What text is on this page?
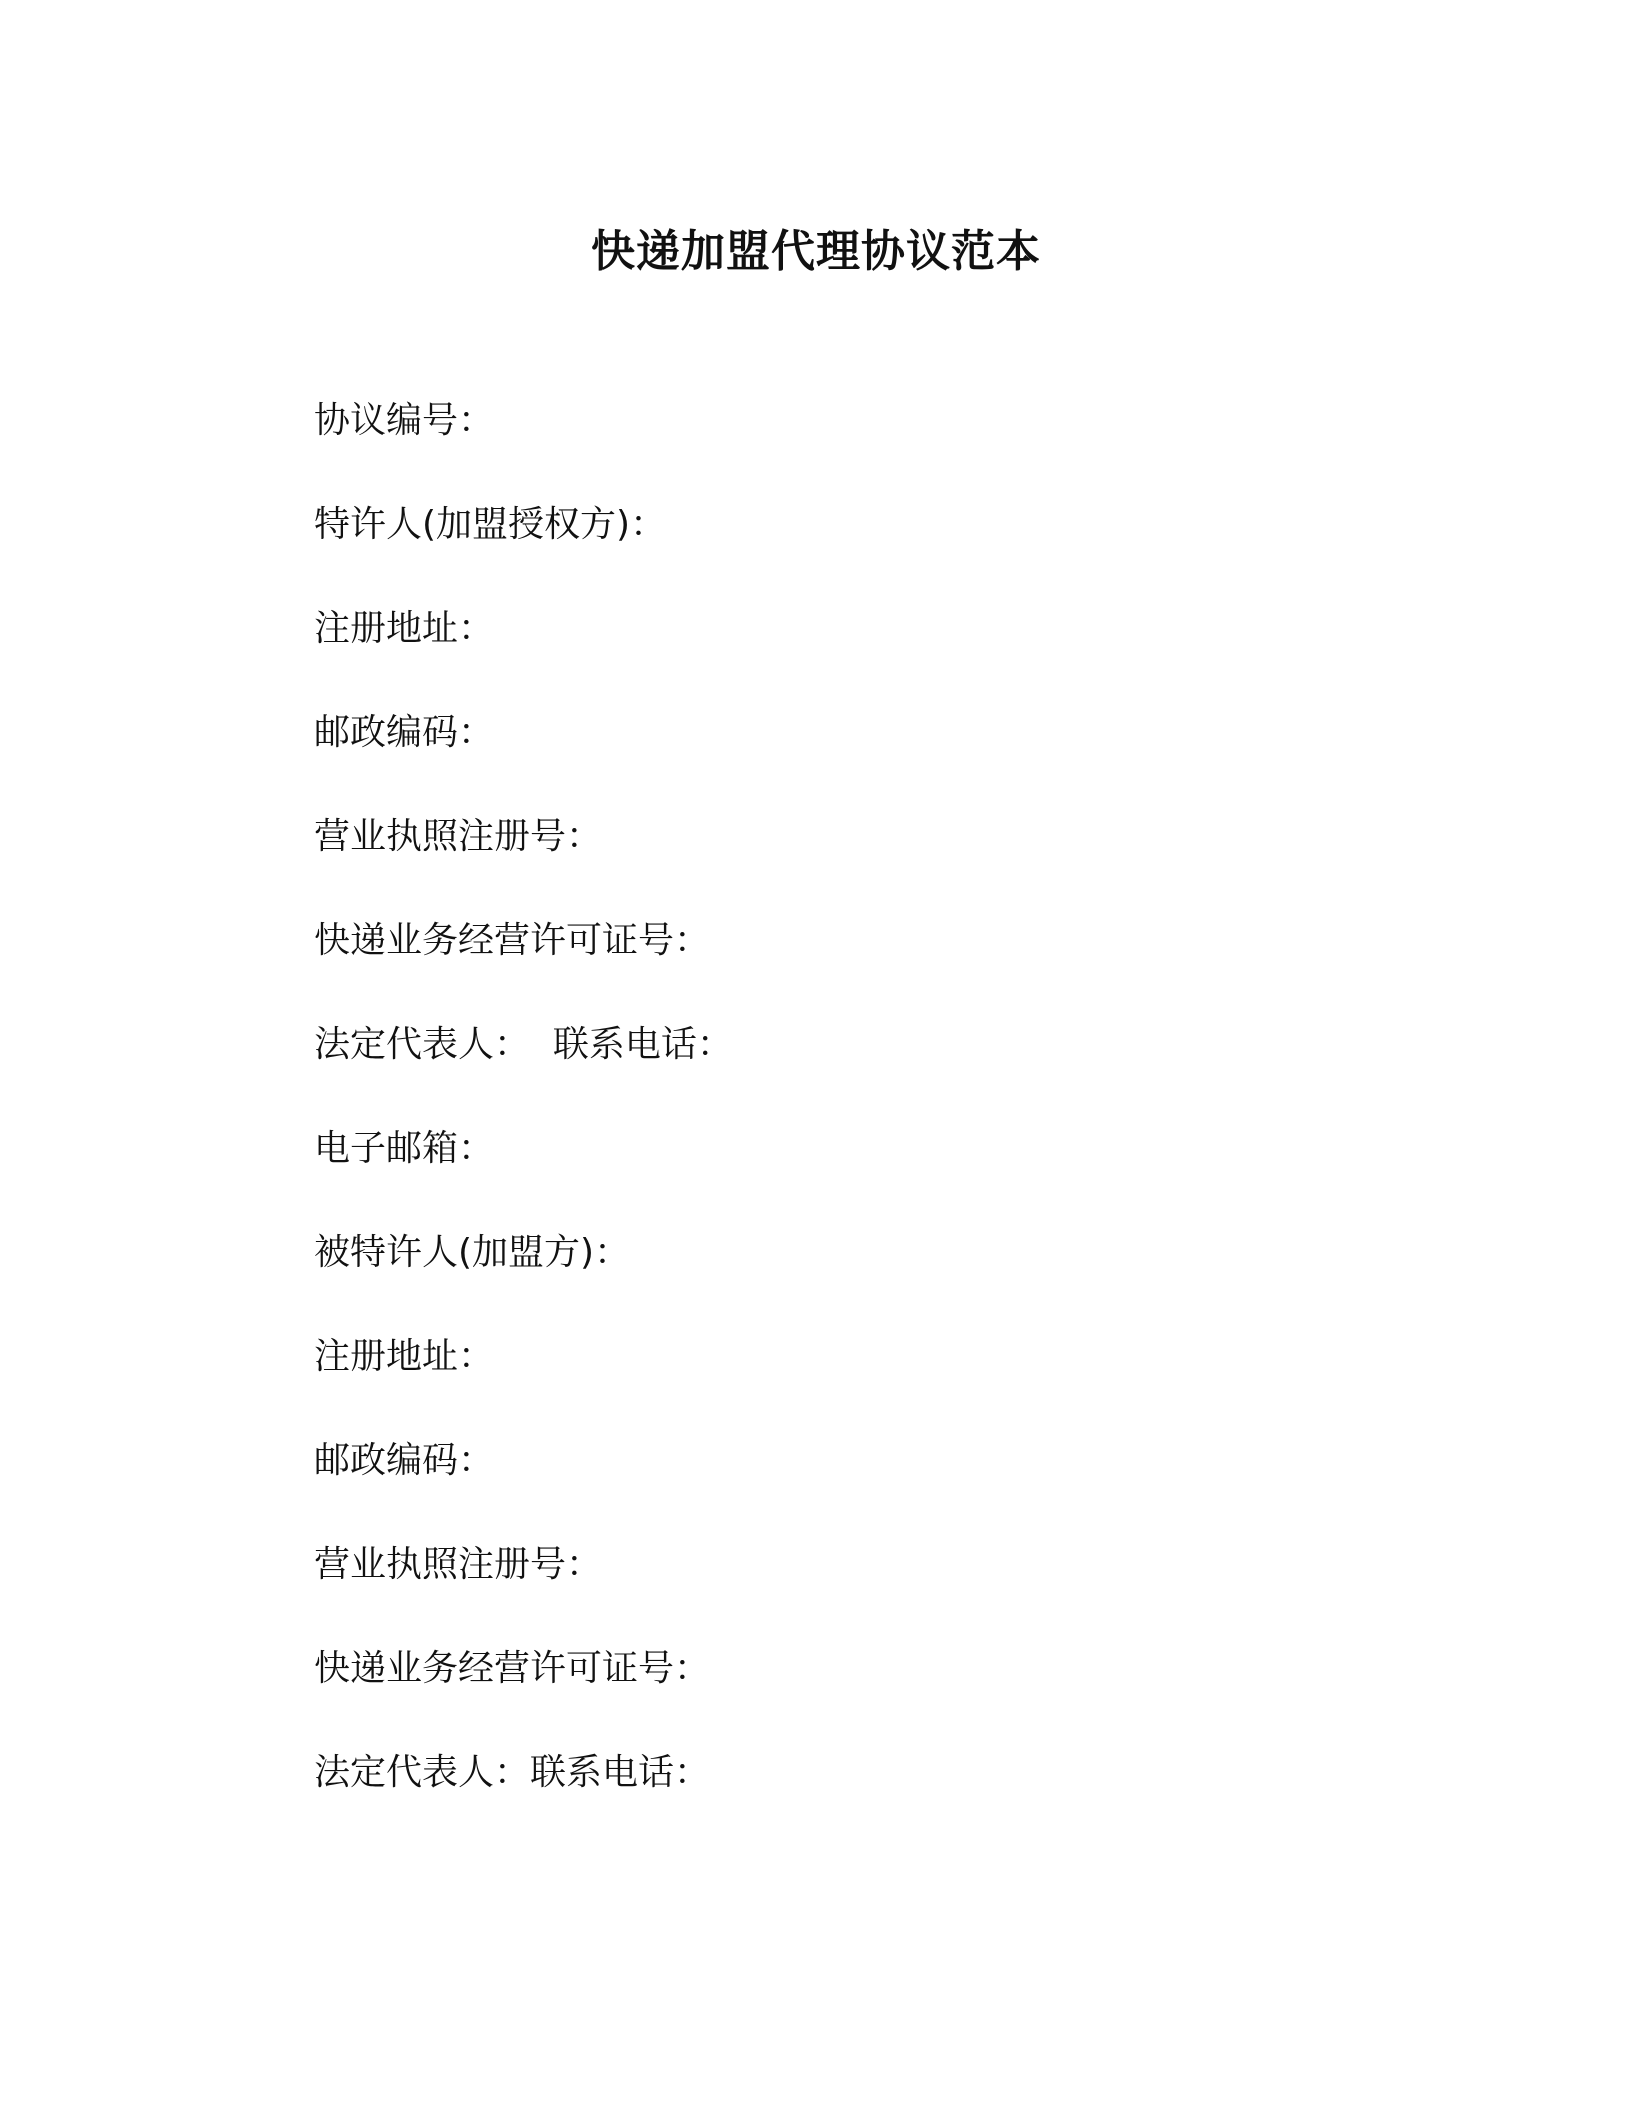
快递加盟代理协议范本
协议编号：
特许人(加盟授权方)：
注册地址：
邮政编码：
营业执照注册号：
快递业务经营许可证号：
法定代表人：  联系电话：
电子邮箱：
被特许人(加盟方)：
注册地址：
邮政编码：
营业执照注册号：
快递业务经营许可证号：
法定代表人：联系电话：
